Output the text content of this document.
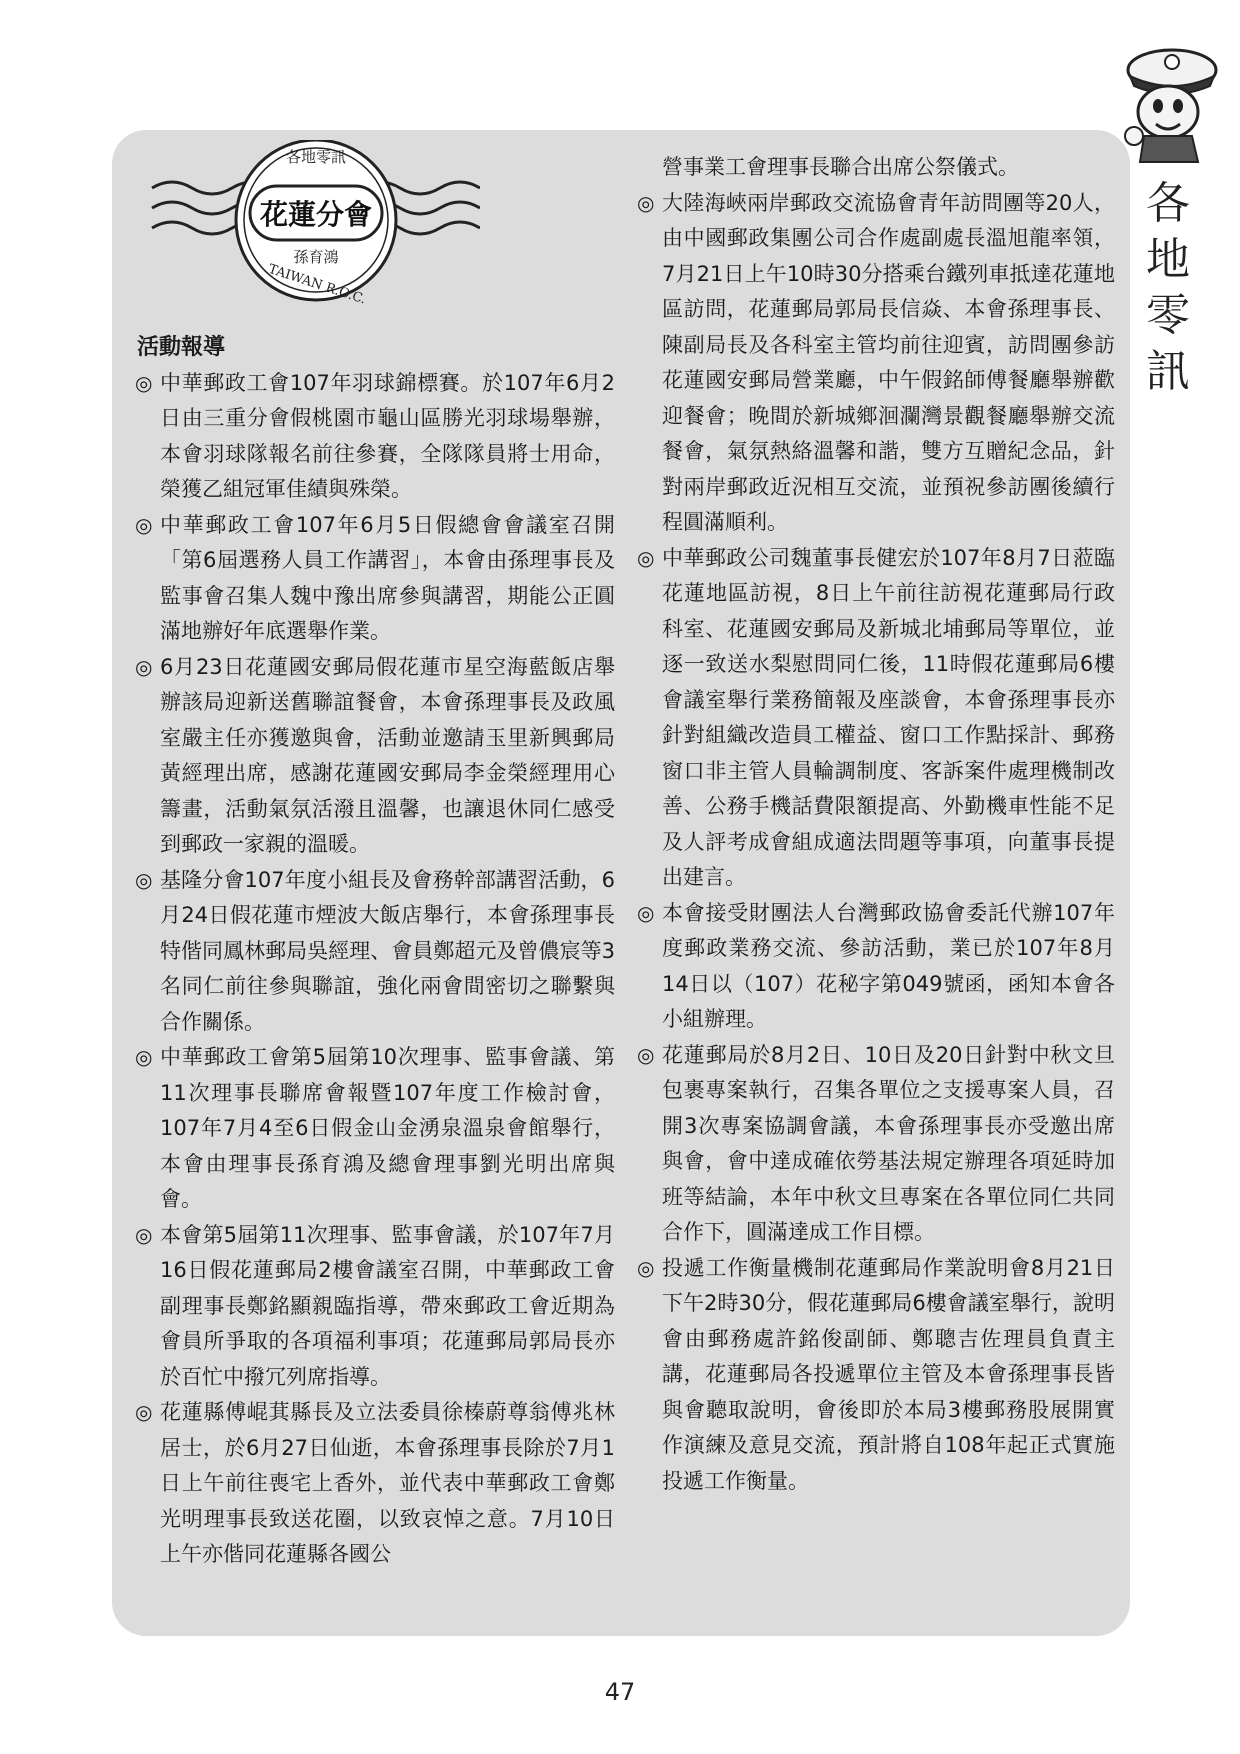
各
地
零
訊
各地零訊
花蓮分會
孫育鴻
TAIWAN R.O.C.
活動報導

◎ 中華郵政工會107年羽球錦標賽。於107年6月2日由三重分會假桃園市龜山區勝光羽球場舉辦，本會羽球隊報名前往參賽，全隊隊員將士用命，榮獲乙組冠軍佳績與殊榮。

◎ 中華郵政工會107年6月5日假總會會議室召開「第6屆選務人員工作講習」，本會由孫理事長及監事會召集人魏中豫出席參與講習，期能公正圓滿地辦好年底選舉作業。

◎ 6月23日花蓮國安郵局假花蓮市星空海藍飯店舉辦該局迎新送舊聯誼餐會，本會孫理事長及政風室嚴主任亦獲邀與會，活動並邀請玉里新興郵局黃經理出席，感謝花蓮國安郵局李金榮經理用心籌畫，活動氣氛活潑且溫馨，也讓退休同仁感受到郵政一家親的溫暖。

◎ 基隆分會107年度小組長及會務幹部講習活動，6月24日假花蓮市煙波大飯店舉行，本會孫理事長特偕同鳳林郵局吳經理、會員鄭超元及曾儂宸等3名同仁前往參與聯誼，強化兩會間密切之聯繫與合作關係。

◎ 中華郵政工會第5屆第10次理事、監事會議、第11次理事長聯席會報暨107年度工作檢討會，107年7月4至6日假金山金湧泉溫泉會館舉行，本會由理事長孫育鴻及總會理事劉光明出席與會。

◎ 本會第5屆第11次理事、監事會議，於107年7月16日假花蓮郵局2樓會議室召開，中華郵政工會副理事長鄭銘顯親臨指導，帶來郵政工會近期為會員所爭取的各項福利事項；花蓮郵局郭局長亦於百忙中撥冗列席指導。

◎ 花蓮縣傅崐萁縣長及立法委員徐榛蔚尊翁傅兆林居士，於6月27日仙逝，本會孫理事長除於7月1日上午前往喪宅上香外，並代表中華郵政工會鄭光明理事長致送花圈，以致哀悼之意。7月10日上午亦偕同花蓮縣各國公

營事業工會理事長聯合出席公祭儀式。

◎ 大陸海峽兩岸郵政交流協會青年訪問團等20人，由中國郵政集團公司合作處副處長溫旭龍率領，7月21日上午10時30分搭乘台鐵列車抵達花蓮地區訪問，花蓮郵局郭局長信焱、本會孫理事長、陳副局長及各科室主管均前往迎賓，訪問團參訪花蓮國安郵局營業廳，中午假銘師傅餐廳舉辦歡迎餐會；晚間於新城鄉洄瀾灣景觀餐廳舉辦交流餐會，氣氛熱絡溫馨和諧，雙方互贈紀念品，針對兩岸郵政近況相互交流，並預祝參訪團後續行程圓滿順利。

◎ 中華郵政公司魏董事長健宏於107年8月7日蒞臨花蓮地區訪視，8日上午前往訪視花蓮郵局行政科室、花蓮國安郵局及新城北埔郵局等單位，並逐一致送水梨慰問同仁後，11時假花蓮郵局6樓會議室舉行業務簡報及座談會，本會孫理事長亦針對組織改造員工權益、窗口工作點採計、郵務窗口非主管人員輪調制度、客訴案件處理機制改善、公務手機話費限額提高、外勤機車性能不足及人評考成會組成適法問題等事項，向董事長提出建言。

◎ 本會接受財團法人台灣郵政協會委託代辦107年度郵政業務交流、參訪活動，業已於107年8月14日以（107）花秘字第049號函，函知本會各小組辦理。

◎ 花蓮郵局於8月2日、10日及20日針對中秋文旦包裹專案執行，召集各單位之支援專案人員，召開3次專案協調會議，本會孫理事長亦受邀出席與會，會中達成確依勞基法規定辦理各項延時加班等結論，本年中秋文旦專案在各單位同仁共同合作下，圓滿達成工作目標。

◎ 投遞工作衡量機制花蓮郵局作業說明會8月21日下午2時30分，假花蓮郵局6樓會議室舉行，說明會由郵務處許銘俊副師、鄭聰吉佐理員負責主講，花蓮郵局各投遞單位主管及本會孫理事長皆與會聽取說明，會後即於本局3樓郵務股展開實作演練及意見交流，預計將自108年起正式實施投遞工作衡量。

47
